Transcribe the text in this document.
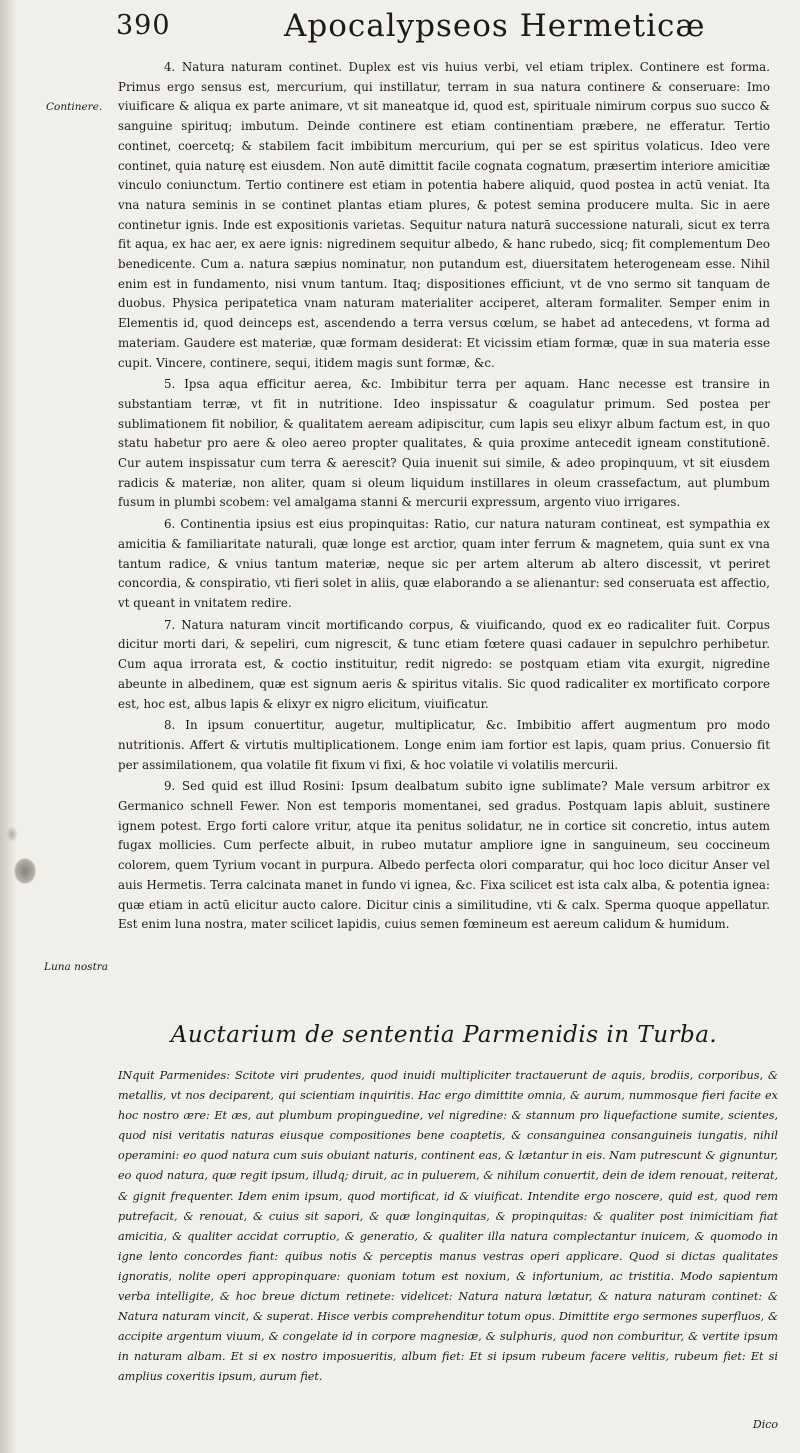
390	Apocalypseos Hermeticæ
Continere.
Luna nostra

4. Natura naturam continet. Duplex est vis huius verbi, vel etiam triplex. Continere est forma. Primus ergo sensus est, mercurium, qui instillatur, terram in sua natura continere & conseruare: Imo viuificare & aliqua ex parte animare, vt sit maneatque id, quod est, spirituale nimirum corpus suo succo & sanguine spirituq; imbutum. Deinde continere est etiam continentiam præbere, ne efferatur. Tertio continet, coercetq; & stabilem facit imbibitum mercurium, qui per se est spiritus volaticus. Ideo vere continet, quia naturę est eiusdem. Non autē dimittit facile cognata cognatum, præsertim interiore amicitiæ vinculo coniunctum. Tertio continere est etiam in potentia habere aliquid, quod postea in actū veniat. Ita vna natura seminis in se continet plantas etiam plures, & potest semina producere multa. Sic in aere continetur ignis. Inde est expositionis varietas. Sequitur natura naturā successione naturali, sicut ex terra fit aqua, ex hac aer, ex aere ignis: nigredinem sequitur albedo, & hanc rubedo, sicq; fit complementum Deo benedicente. Cum a. natura sæpius nominatur, non putandum est, diuersitatem heterogeneam esse. Nihil enim est in fundamento, nisi vnum tantum. Itaq; dispositiones efficiunt, vt de vno sermo sit tanquam de duobus. Physica peripatetica vnam naturam materialiter acciperet, alteram formaliter. Semper enim in Elementis id, quod deinceps est, ascendendo a terra versus cœlum, se habet ad antecedens, vt forma ad materiam. Gaudere est materiæ, quæ formam desiderat: Et vicissim etiam formæ, quæ in sua materia esse cupit. Vincere, continere, sequi, itidem magis sunt formæ, &c.

5. Ipsa aqua efficitur aerea, &c. Imbibitur terra per aquam. Hanc necesse est transire in substantiam terræ, vt fit in nutritione. Ideo inspissatur & coagulatur primum. Sed postea per sublimationem fit nobilior, & qualitatem aeream adipiscitur, cum lapis seu elixyr album factum est, in quo statu habetur pro aere & oleo aereo propter qualitates, & quia proxime antecedit igneam constitutionē. Cur autem inspissatur cum terra & aerescit? Quia inuenit sui simile, & adeo propinquum, vt sit eiusdem radicis & materiæ, non aliter, quam si oleum liquidum instillares in oleum crassefactum, aut plumbum fusum in plumbi scobem: vel amalgama stanni & mercurii expressum, argento viuo irrigares.

6. Continentia ipsius est eius propinquitas: Ratio, cur natura naturam contineat, est sympathia ex amicitia & familiaritate naturali, quæ longe est arctior, quam inter ferrum & magnetem, quia sunt ex vna tantum radice, & vnius tantum materiæ, neque sic per artem alterum ab altero discessit, vt periret concordia, & conspiratio, vti fieri solet in aliis, quæ elaborando a se alienantur: sed conseruata est affectio, vt queant in vnitatem redire.

7. Natura naturam vincit mortificando corpus, & viuificando, quod ex eo radicaliter fuit. Corpus dicitur morti dari, & sepeliri, cum nigrescit, & tunc etiam fœtere quasi cadauer in sepulchro perhibetur. Cum aqua irrorata est, & coctio instituitur, redit nigredo: se postquam etiam vita exurgit, nigredine abeunte in albedinem, quæ est signum aeris & spiritus vitalis. Sic quod radicaliter ex mortificato corpore est, hoc est, albus lapis & elixyr ex nigro elicitum, viuificatur.

8. In ipsum conuertitur, augetur, multiplicatur, &c. Imbibitio affert augmentum pro modo nutritionis. Affert & virtutis multiplicationem. Longe enim iam fortior est lapis, quam prius. Conuersio fit per assimilationem, qua volatile fit fixum vi fixi, & hoc volatile vi volatilis mercurii.

9. Sed quid est illud Rosini: Ipsum dealbatum subito igne sublimate? Male versum arbitror ex Germanico schnell Fewer. Non est temporis momentanei, sed gradus. Postquam lapis abluit, sustinere ignem potest. Ergo forti calore vritur, atque ita penitus solidatur, ne in cortice sit concretio, intus autem fugax mollicies. Cum perfecte albuit, in rubeo mutatur ampliore igne in sanguineum, seu coccineum colorem, quem Tyrium vocant in purpura. Albedo perfecta olori comparatur, qui hoc loco dicitur Anser vel auis Hermetis. Terra calcinata manet in fundo vi ignea, &c. Fixa scilicet est ista calx alba, & potentia ignea: quæ etiam in actū elicitur aucto calore. Dicitur cinis a similitudine, vti & calx. Sperma quoque appellatur. Est enim luna nostra, mater scilicet lapidis, cuius semen fœmineum est aereum calidum & humidum.

Auctarium de sententia Parmenidis in Turba.

INquit Parmenides: Scitote viri prudentes, quod inuidi multipliciter tractauerunt de aquis, brodiis, corporibus, & metallis, vt nos deciparent, qui scientiam inquiritis. Hac ergo dimittite omnia, & aurum, nummosque fieri facite ex hoc nostro ære: Et æs, aut plumbum propinguedine, vel nigredine: & stannum pro liquefactione sumite, scientes, quod nisi veritatis naturas eiusque compositiones bene coaptetis, & consanguinea consanguineis iungatis, nihil operamini: eo quod natura cum suis obuiant naturis, continent eas, & lætantur in eis. Nam putrescunt & gignuntur, eo quod natura, quæ regit ipsum, illudq; diruit, ac in puluerem, & nihilum conuertit, dein de idem renouat, reiterat, & gignit frequenter. Idem enim ipsum, quod mortificat, id & viuificat. Intendite ergo noscere, quid est, quod rem putrefacit, & renouat, & cuius sit sapori, & quæ longinquitas, & propinquitas: & qualiter post inimicitiam fiat amicitia, & qualiter accidat corruptio, & generatio, & qualiter illa natura complectantur inuicem, & quomodo in igne lento concordes fiant: quibus notis & perceptis manus vestras operi applicare. Quod si dictas qualitates ignoratis, nolite operi appropinquare: quoniam totum est noxium, & infortunium, ac tristitia. Modo sapientum verba intelligite, & hoc breue dictum retinete: videlicet: Natura natura lætatur, & natura naturam continet: & Natura naturam vincit, & superat. Hisce verbis comprehenditur totum opus. Dimittite ergo sermones superfluos, & accipite argentum viuum, & congelate id in corpore magnesiæ, & sulphuris, quod non comburitur, & vertite ipsum in naturam albam. Et si ex nostro imposueritis, album fiet: Et si ipsum rubeum facere velitis, rubeum fiet: Et si amplius coxeritis ipsum, aurum fiet.

Dico
